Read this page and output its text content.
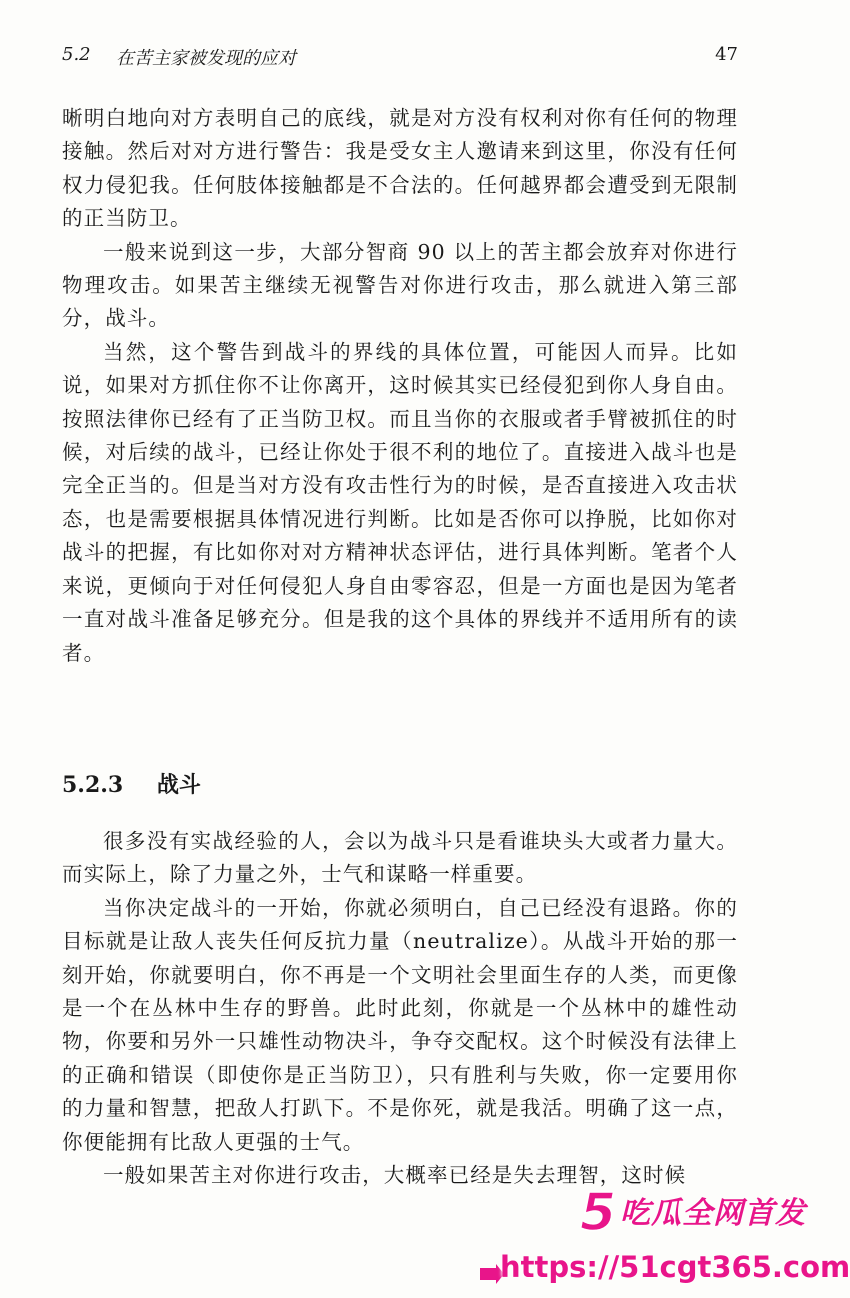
5.2 在苦主家被发现的应对	47

晰明白地向对方表明自己的底线，就是对方没有权利对你有任何的物理接触。然后对对方进行警告：我是受女主人邀请来到这里，你没有任何权力侵犯我。任何肢体接触都是不合法的。任何越界都会遭受到无限制的正当防卫。

一般来说到这一步，大部分智商 90 以上的苦主都会放弃对你进行物理攻击。如果苦主继续无视警告对你进行攻击，那么就进入第三部分，战斗。

当然，这个警告到战斗的界线的具体位置，可能因人而异。比如说，如果对方抓住你不让你离开，这时候其实已经侵犯到你人身自由。按照法律你已经有了正当防卫权。而且当你的衣服或者手臂被抓住的时候，对后续的战斗，已经让你处于很不利的地位了。直接进入战斗也是完全正当的。但是当对方没有攻击性行为的时候，是否直接进入攻击状态，也是需要根据具体情况进行判断。比如是否你可以挣脱，比如你对战斗的把握，有比如你对对方精神状态评估，进行具体判断。笔者个人来说，更倾向于对任何侵犯人身自由零容忍，但是一方面也是因为笔者一直对战斗准备足够充分。但是我的这个具体的界线并不适用所有的读者。

5.2.3 战斗

很多没有实战经验的人，会以为战斗只是看谁块头大或者力量大。而实际上，除了力量之外，士气和谋略一样重要。

当你决定战斗的一开始，你就必须明白，自己已经没有退路。你的目标就是让敌人丧失任何反抗力量（neutralize）。从战斗开始的那一刻开始，你就要明白，你不再是一个文明社会里面生存的人类，而更像是一个在丛林中生存的野兽。此时此刻，你就是一个丛林中的雄性动物，你要和另外一只雄性动物决斗，争夺交配权。这个时候没有法律上的正确和错误（即使你是正当防卫），只有胜利与失败，你一定要用你的力量和智慧，把敌人打趴下。不是你死，就是我活。明确了这一点，你便能拥有比敌人更强的士气。

一般如果苦主对你进行攻击，大概率已经是失去理智，这时候

5 吃瓜全网首发
https://51cgt365.com
